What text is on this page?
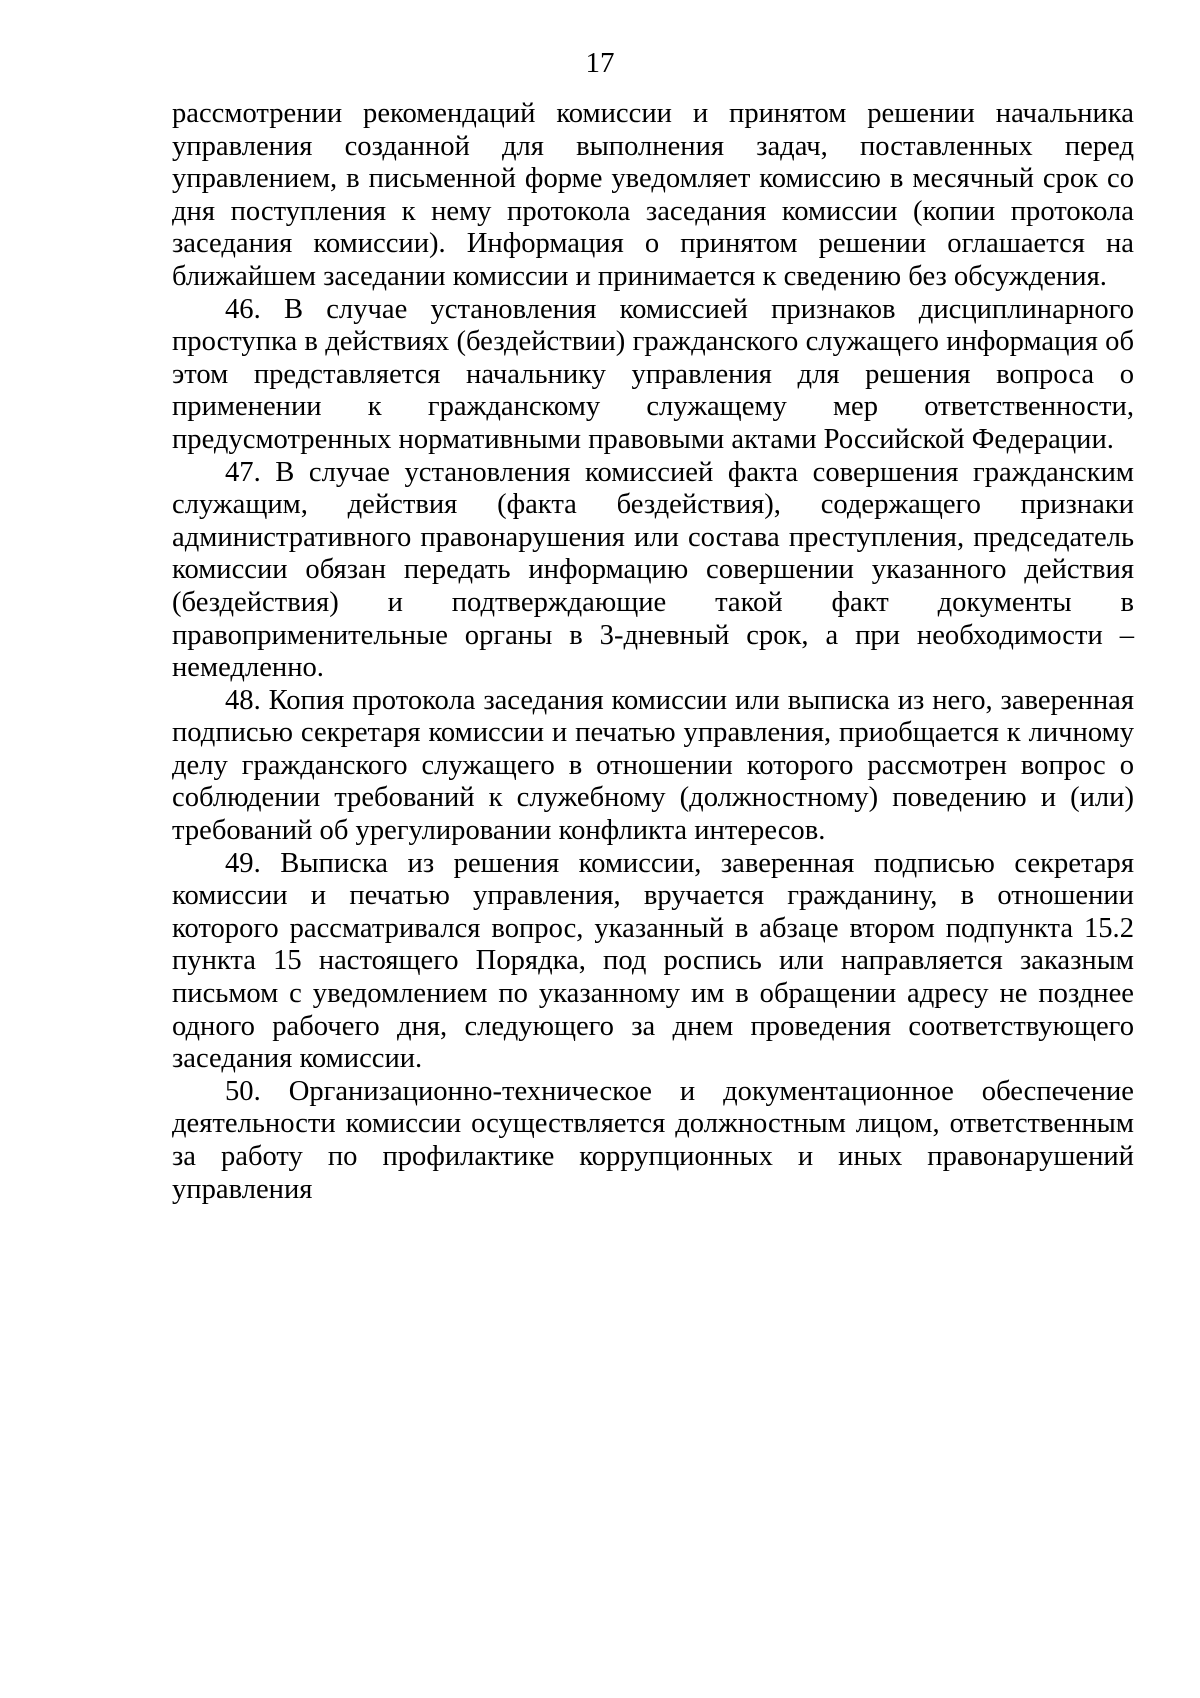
17

рассмотрении рекомендаций комиссии и принятом решении начальника управления созданной для выполнения задач, поставленных перед управлением, в письменной форме уведомляет комиссию в месячный срок со дня поступления к нему протокола заседания комиссии (копии протокола заседания комиссии). Информация о принятом решении оглашается на ближайшем заседании комиссии и принимается к сведению без обсуждения.

46. В случае установления комиссией признаков дисциплинарного проступка в действиях (бездействии) гражданского служащего информация об этом представляется начальнику управления для решения вопроса о применении к гражданскому служащему мер ответственности, предусмотренных нормативными правовыми актами Российской Федерации.

47. В случае установления комиссией факта совершения гражданским служащим, действия (факта бездействия), содержащего признаки административного правонарушения или состава преступления, председатель комиссии обязан передать информацию совершении указанного действия (бездействия) и подтверждающие такой факт документы в правоприменительные органы в 3-дневный срок, а при необходимости – немедленно.

48. Копия протокола заседания комиссии или выписка из него, заверенная подписью секретаря комиссии и печатью управления, приобщается к личному делу гражданского служащего в отношении которого рассмотрен вопрос о соблюдении требований к служебному (должностному) поведению и (или) требований об урегулировании конфликта интересов.

49. Выписка из решения комиссии, заверенная подписью секретаря комиссии и печатью управления, вручается гражданину, в отношении которого рассматривался вопрос, указанный в абзаце втором подпункта 15.2 пункта 15 настоящего Порядка, под роспись или направляется заказным письмом с уведомлением по указанному им в обращении адресу не позднее одного рабочего дня, следующего за днем проведения соответствующего заседания комиссии.

50. Организационно-техническое и документационное обеспечение деятельности комиссии осуществляется должностным лицом, ответственным за работу по профилактике коррупционных и иных правонарушений управления
